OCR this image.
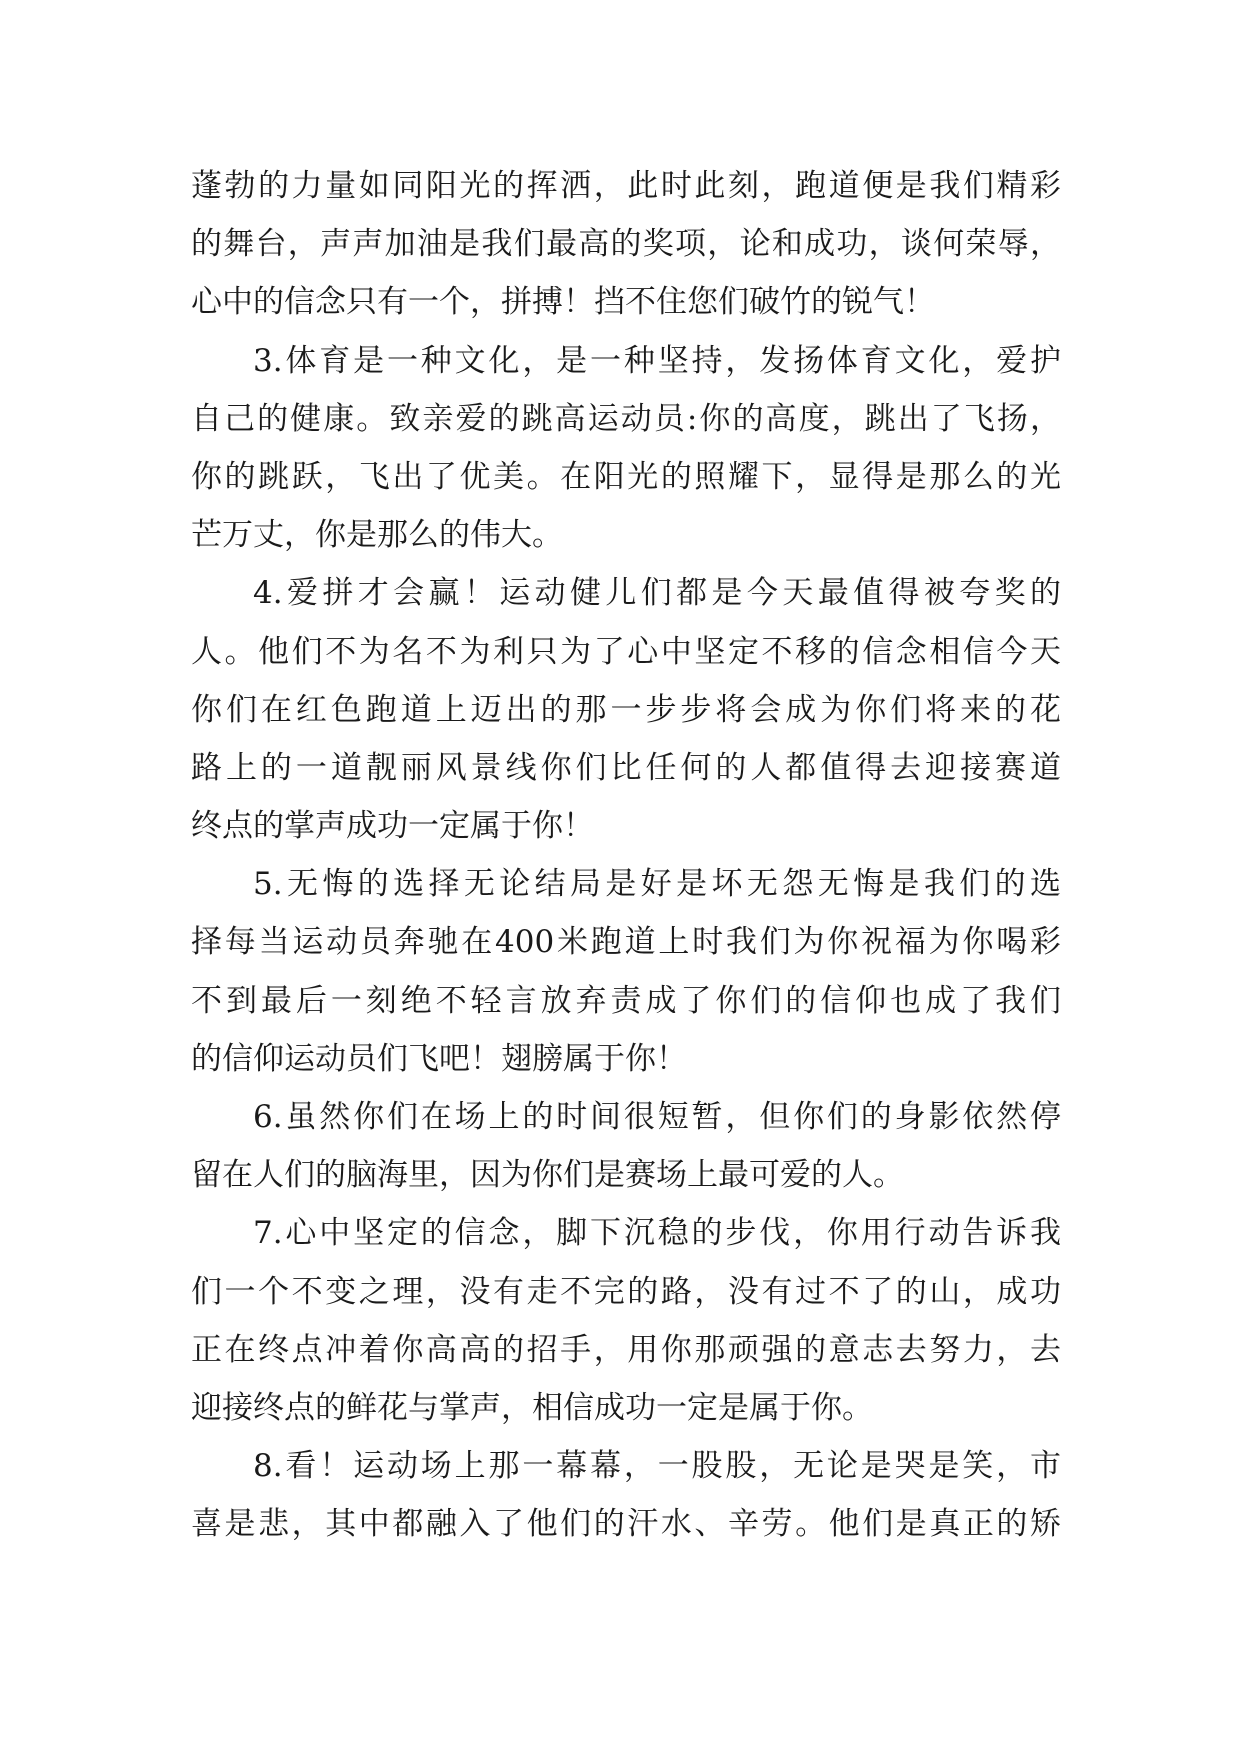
蓬勃的力量如同阳光的挥洒，此时此刻，跑道便是我们精彩
的舞台，声声加油是我们最高的奖项，论和成功，谈何荣辱，
心中的信念只有一个，拼搏！挡不住您们破竹的锐气！
3.体育是一种文化，是一种坚持，发扬体育文化，爱护
自己的健康。致亲爱的跳高运动员:你的高度，跳出了飞扬，
你的跳跃，飞出了优美。在阳光的照耀下，显得是那么的光
芒万丈，你是那么的伟大。
4.爱拼才会赢！运动健儿们都是今天最值得被夸奖的
人。他们不为名不为利只为了心中坚定不移的信念相信今天
你们在红色跑道上迈出的那一步步将会成为你们将来的花
路上的一道靓丽风景线你们比任何的人都值得去迎接赛道
终点的掌声成功一定属于你！
5.无悔的选择无论结局是好是坏无怨无悔是我们的选
择每当运动员奔驰在400米跑道上时我们为你祝福为你喝彩
不到最后一刻绝不轻言放弃责成了你们的信仰也成了我们
的信仰运动员们飞吧！翅膀属于你！
6.虽然你们在场上的时间很短暂，但你们的身影依然停
留在人们的脑海里，因为你们是赛场上最可爱的人。
7.心中坚定的信念，脚下沉稳的步伐，你用行动告诉我
们一个不变之理，没有走不完的路，没有过不了的山，成功
正在终点冲着你高高的招手，用你那顽强的意志去努力，去
迎接终点的鲜花与掌声，相信成功一定是属于你。
8.看！运动场上那一幕幕，一股股，无论是哭是笑，市
喜是悲，其中都融入了他们的汗水、辛劳。他们是真正的矫
